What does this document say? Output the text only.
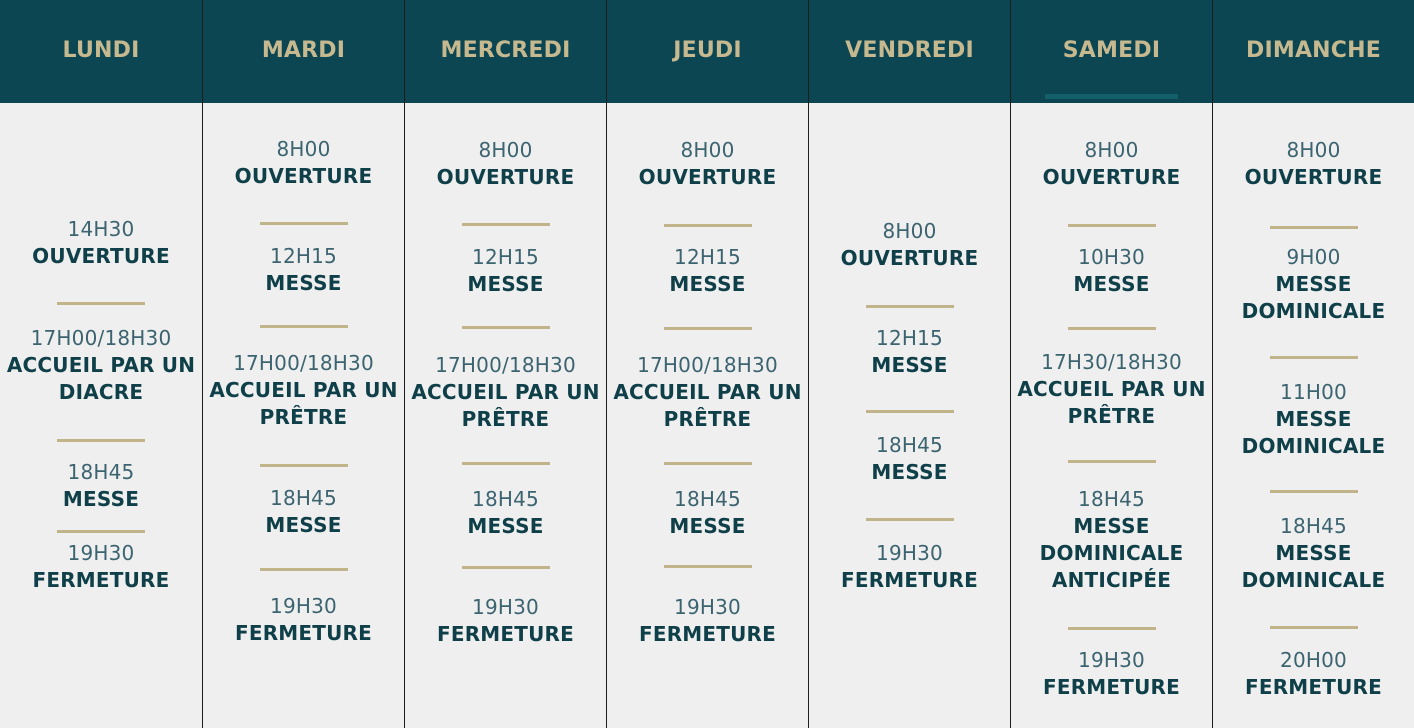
LUNDI
14H30
OUVERTURE
17H00/18H30
ACCUEIL PAR UN
DIACRE
18H45
MESSE
19H30
FERMETURE
MARDI
8H00
OUVERTURE
12H15
MESSE
17H00/18H30
ACCUEIL PAR UN
PRÊTRE
18H45
MESSE
19H30
FERMETURE
MERCREDI
8H00
OUVERTURE
12H15
MESSE
17H00/18H30
ACCUEIL PAR UN
PRÊTRE
18H45
MESSE
19H30
FERMETURE
JEUDI
8H00
OUVERTURE
12H15
MESSE
17H00/18H30
ACCUEIL PAR UN
PRÊTRE
18H45
MESSE
19H30
FERMETURE
VENDREDI
8H00
OUVERTURE
12H15
MESSE
18H45
MESSE
19H30
FERMETURE
SAMEDI
8H00
OUVERTURE
10H30
MESSE
17H30/18H30
ACCUEIL PAR UN
PRÊTRE
18H45
MESSE
DOMINICALE
ANTICIPÉE
19H30
FERMETURE
DIMANCHE
8H00
OUVERTURE
9H00
MESSE
DOMINICALE
11H00
MESSE
DOMINICALE
18H45
MESSE
DOMINICALE
20H00
FERMETURE
